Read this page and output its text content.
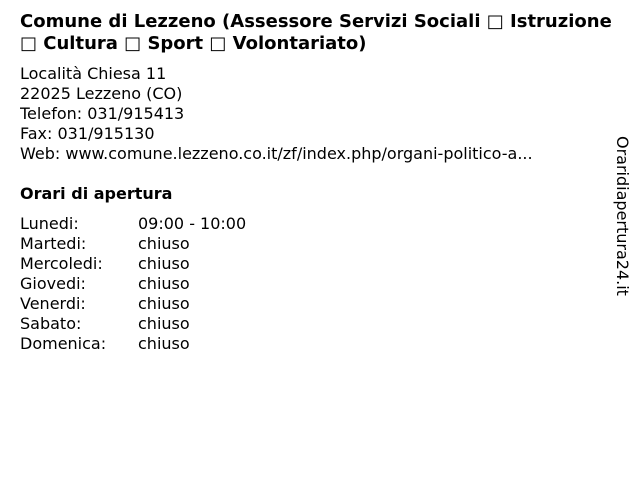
Comune di Lezzeno (Assessore Servizi Sociali □ Istruzione □ Cultura □ Sport □ Volontariato)
Località Chiesa 11
22025 Lezzeno (CO)
Telefon: 031/915413
Fax: 031/915130
Web: www.comune.lezzeno.co.it/zf/index.php/organi-politico-a...
Orari di apertura
Lunedi:	09:00 - 10:00
Martedi:	chiuso
Mercoledi: chiuso
Giovedi:	chiuso
Venerdi:	chiuso
Sabato:	chiuso
Domenica: chiuso
Oraridiapertura24.it
